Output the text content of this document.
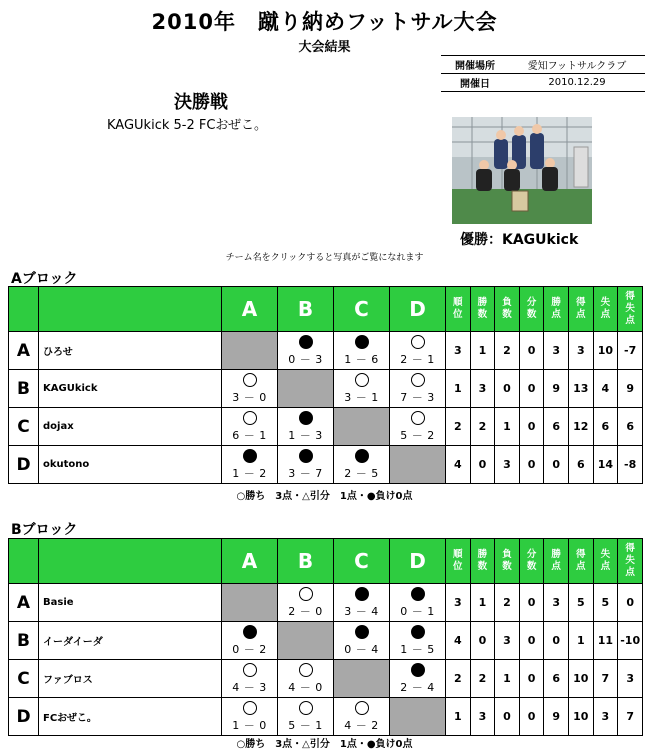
2010年　蹴り納めフットサル大会
大会結果
開催場所	愛知フットサルクラブ
開催日	2010.12.29
決勝戦
KAGUkick 5-2 FCおぜこ。
優勝：KAGUkick
チーム名をクリックすると写真がご覧になれます
Aブロック
		A	B	C	D	順位	勝数	負数	分数	勝点	得点	失点	得失点
A	ひろせ		0 － 3	1 － 6	2 － 1	3	1	2	0	3	3	10	-7
B	KAGUkick	3 － 0		3 － 1	7 － 3	1	3	0	0	9	13	4	9
C	dojax	6 － 1	1 － 3		5 － 2	2	2	1	0	6	12	6	6
D	okutono	1 － 2	3 － 7	2 － 5		4	0	3	0	0	6	14	-8
○勝ち　3点・△引分　1点・●負け0点
Bブロック
		A	B	C	D	順位	勝数	負数	分数	勝点	得点	失点	得失点
A	Basie		2 － 0	3 － 4	0 － 1	3	1	2	0	3	5	5	0
B	イーダイーダ	0 － 2		0 － 4	1 － 5	4	0	3	0	0	1	11	-10
C	ファブロス	4 － 3	4 － 0		2 － 4	2	2	1	0	6	10	7	3
D	FCおぜこ。	1 － 0	5 － 1	4 － 2		1	3	0	0	9	10	3	7
○勝ち　3点・△引分　1点・●負け0点
